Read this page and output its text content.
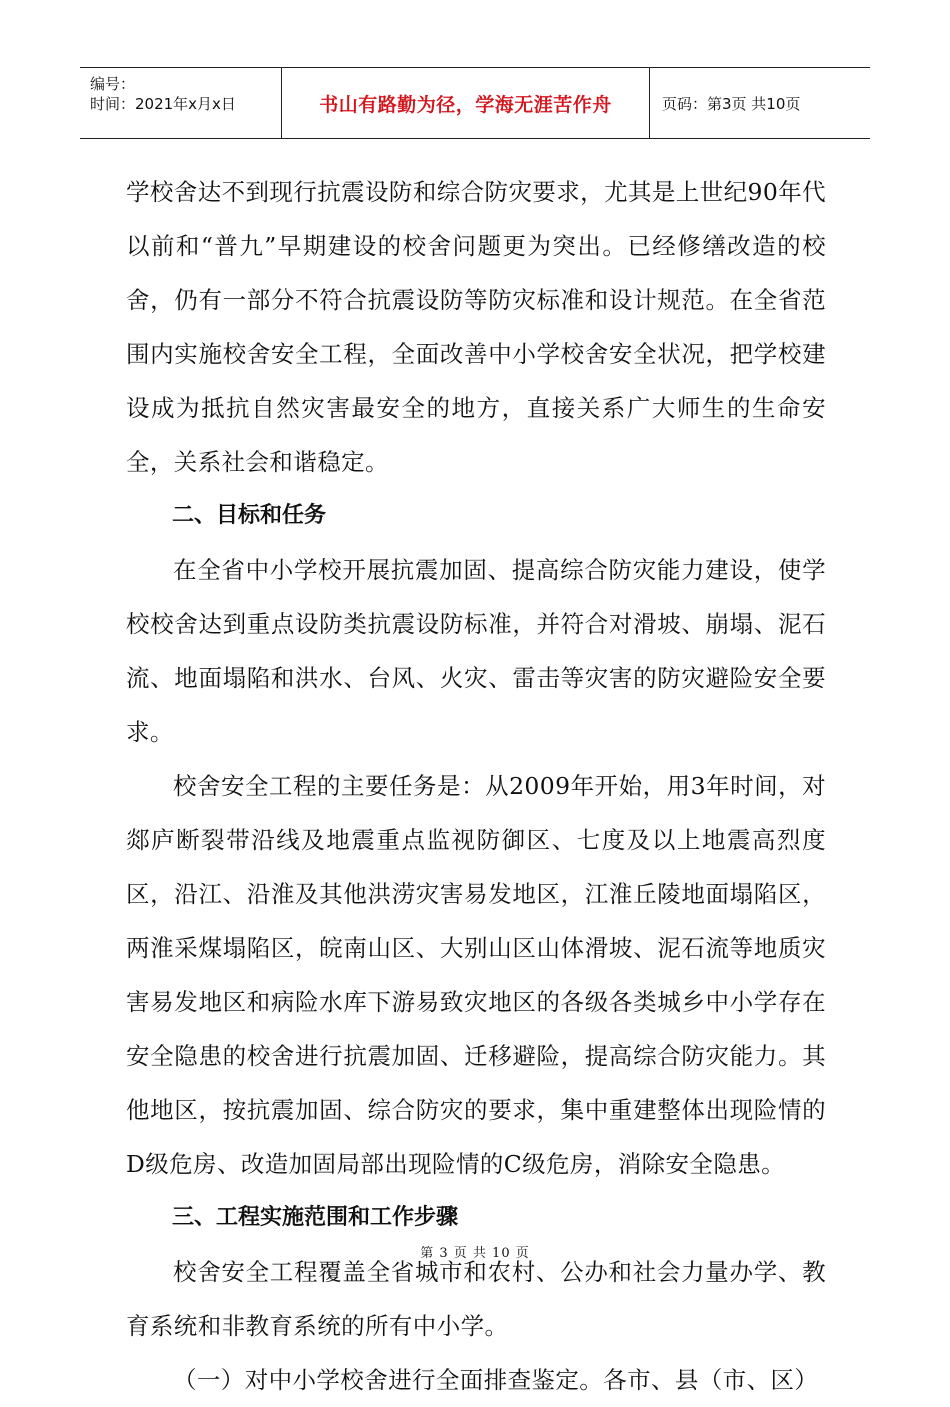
编号：
时间：2021年x月x日	书山有路勤为径，学海无涯苦作舟	页码：第3页 共10页

学校舍达不到现行抗震设防和综合防灾要求，尤其是上世纪90年代以前和“普九”早期建设的校舍问题更为突出。已经修缮改造的校舍，仍有一部分不符合抗震设防等防灾标准和设计规范。在全省范围内实施校舍安全工程，全面改善中小学校舍安全状况，把学校建设成为抵抗自然灾害最安全的地方，直接关系广大师生的生命安全，关系社会和谐稳定。

二、目标和任务

在全省中小学校开展抗震加固、提高综合防灾能力建设，使学校校舍达到重点设防类抗震设防标准，并符合对滑坡、崩塌、泥石流、地面塌陷和洪水、台风、火灾、雷击等灾害的防灾避险安全要求。

校舍安全工程的主要任务是：从2009年开始，用3年时间，对郯庐断裂带沿线及地震重点监视防御区、七度及以上地震高烈度区，沿江、沿淮及其他洪涝灾害易发地区，江淮丘陵地面塌陷区，两淮采煤塌陷区，皖南山区、大别山区山体滑坡、泥石流等地质灾害易发地区和病险水库下游易致灾地区的各级各类城乡中小学存在安全隐患的校舍进行抗震加固、迁移避险，提高综合防灾能力。其他地区，按抗震加固、综合防灾的要求，集中重建整体出现险情的D级危房、改造加固局部出现险情的C级危房，消除安全隐患。

三、工程实施范围和工作步骤

校舍安全工程覆盖全省城市和农村、公办和社会力量办学、教育系统和非教育系统的所有中小学。

（一）对中小学校舍进行全面排查鉴定。各市、县（市、区）

第 3 页 共 10 页
